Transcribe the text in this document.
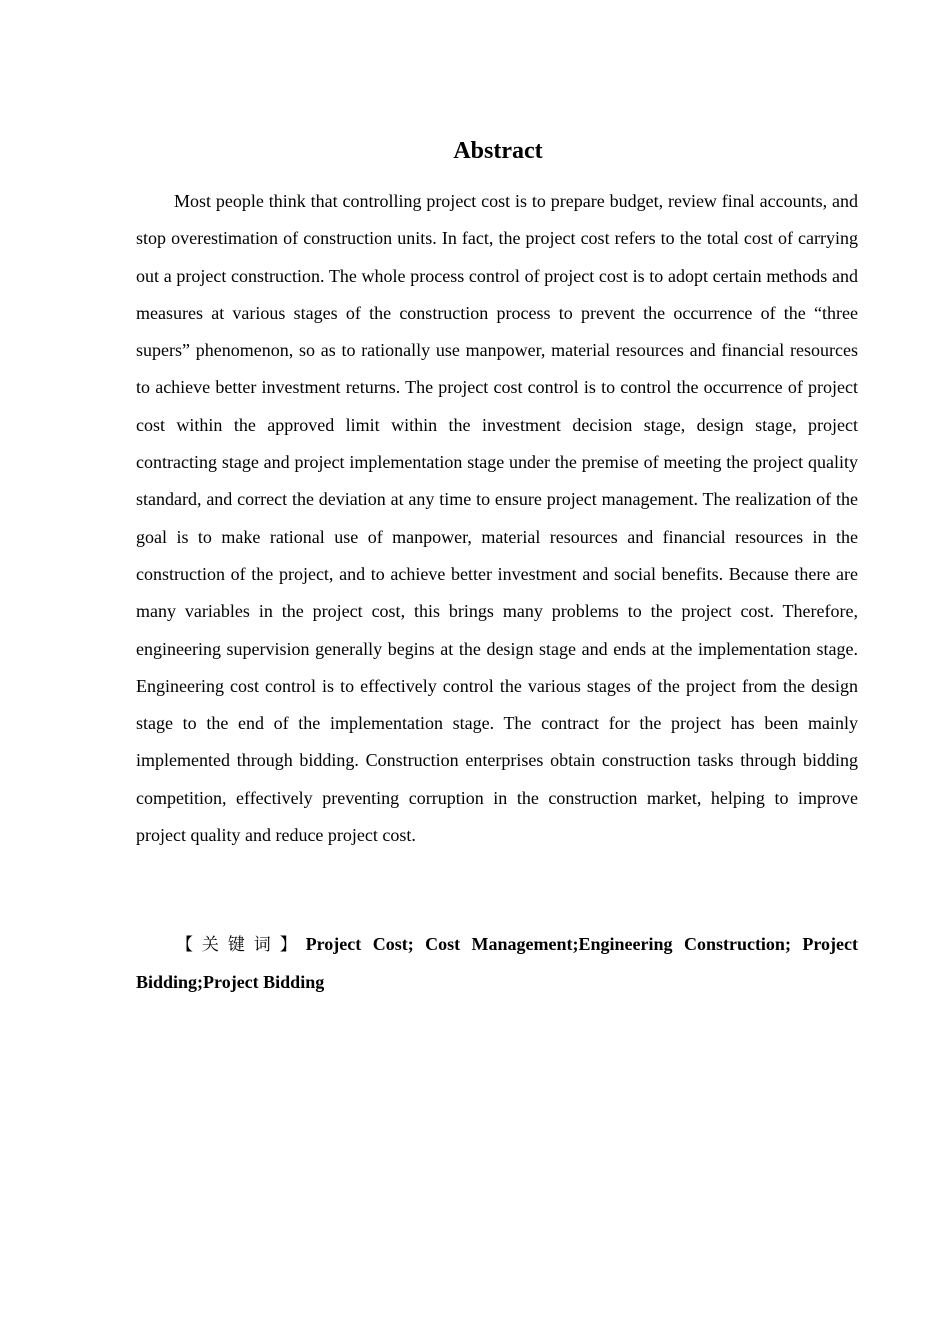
Abstract

Most people think that controlling project cost is to prepare budget, review final accounts, and stop overestimation of construction units. In fact, the project cost refers to the total cost of carrying out a project construction. The whole process control of project cost is to adopt certain methods and measures at various stages of the construction process to prevent the occurrence of the “three supers” phenomenon, so as to rationally use manpower, material resources and financial resources to achieve better investment returns. The project cost control is to control the occurrence of project cost within the approved limit within the investment decision stage, design stage, project contracting stage and project implementation stage under the premise of meeting the project quality standard, and correct the deviation at any time to ensure project management. The realization of the goal is to make rational use of manpower, material resources and financial resources in the construction of the project, and to achieve better investment and social benefits. Because there are many variables in the project cost, this brings many problems to the project cost. Therefore, engineering supervision generally begins at the design stage and ends at the implementation stage. Engineering cost control is to effectively control the various stages of the project from the design stage to the end of the implementation stage. The contract for the project has been mainly implemented through bidding. Construction enterprises obtain construction tasks through bidding competition, effectively preventing corruption in the construction market, helping to improve project quality and reduce project cost.

【关键词】Project Cost; Cost Management;Engineering Construction; Project Bidding;Project Bidding
